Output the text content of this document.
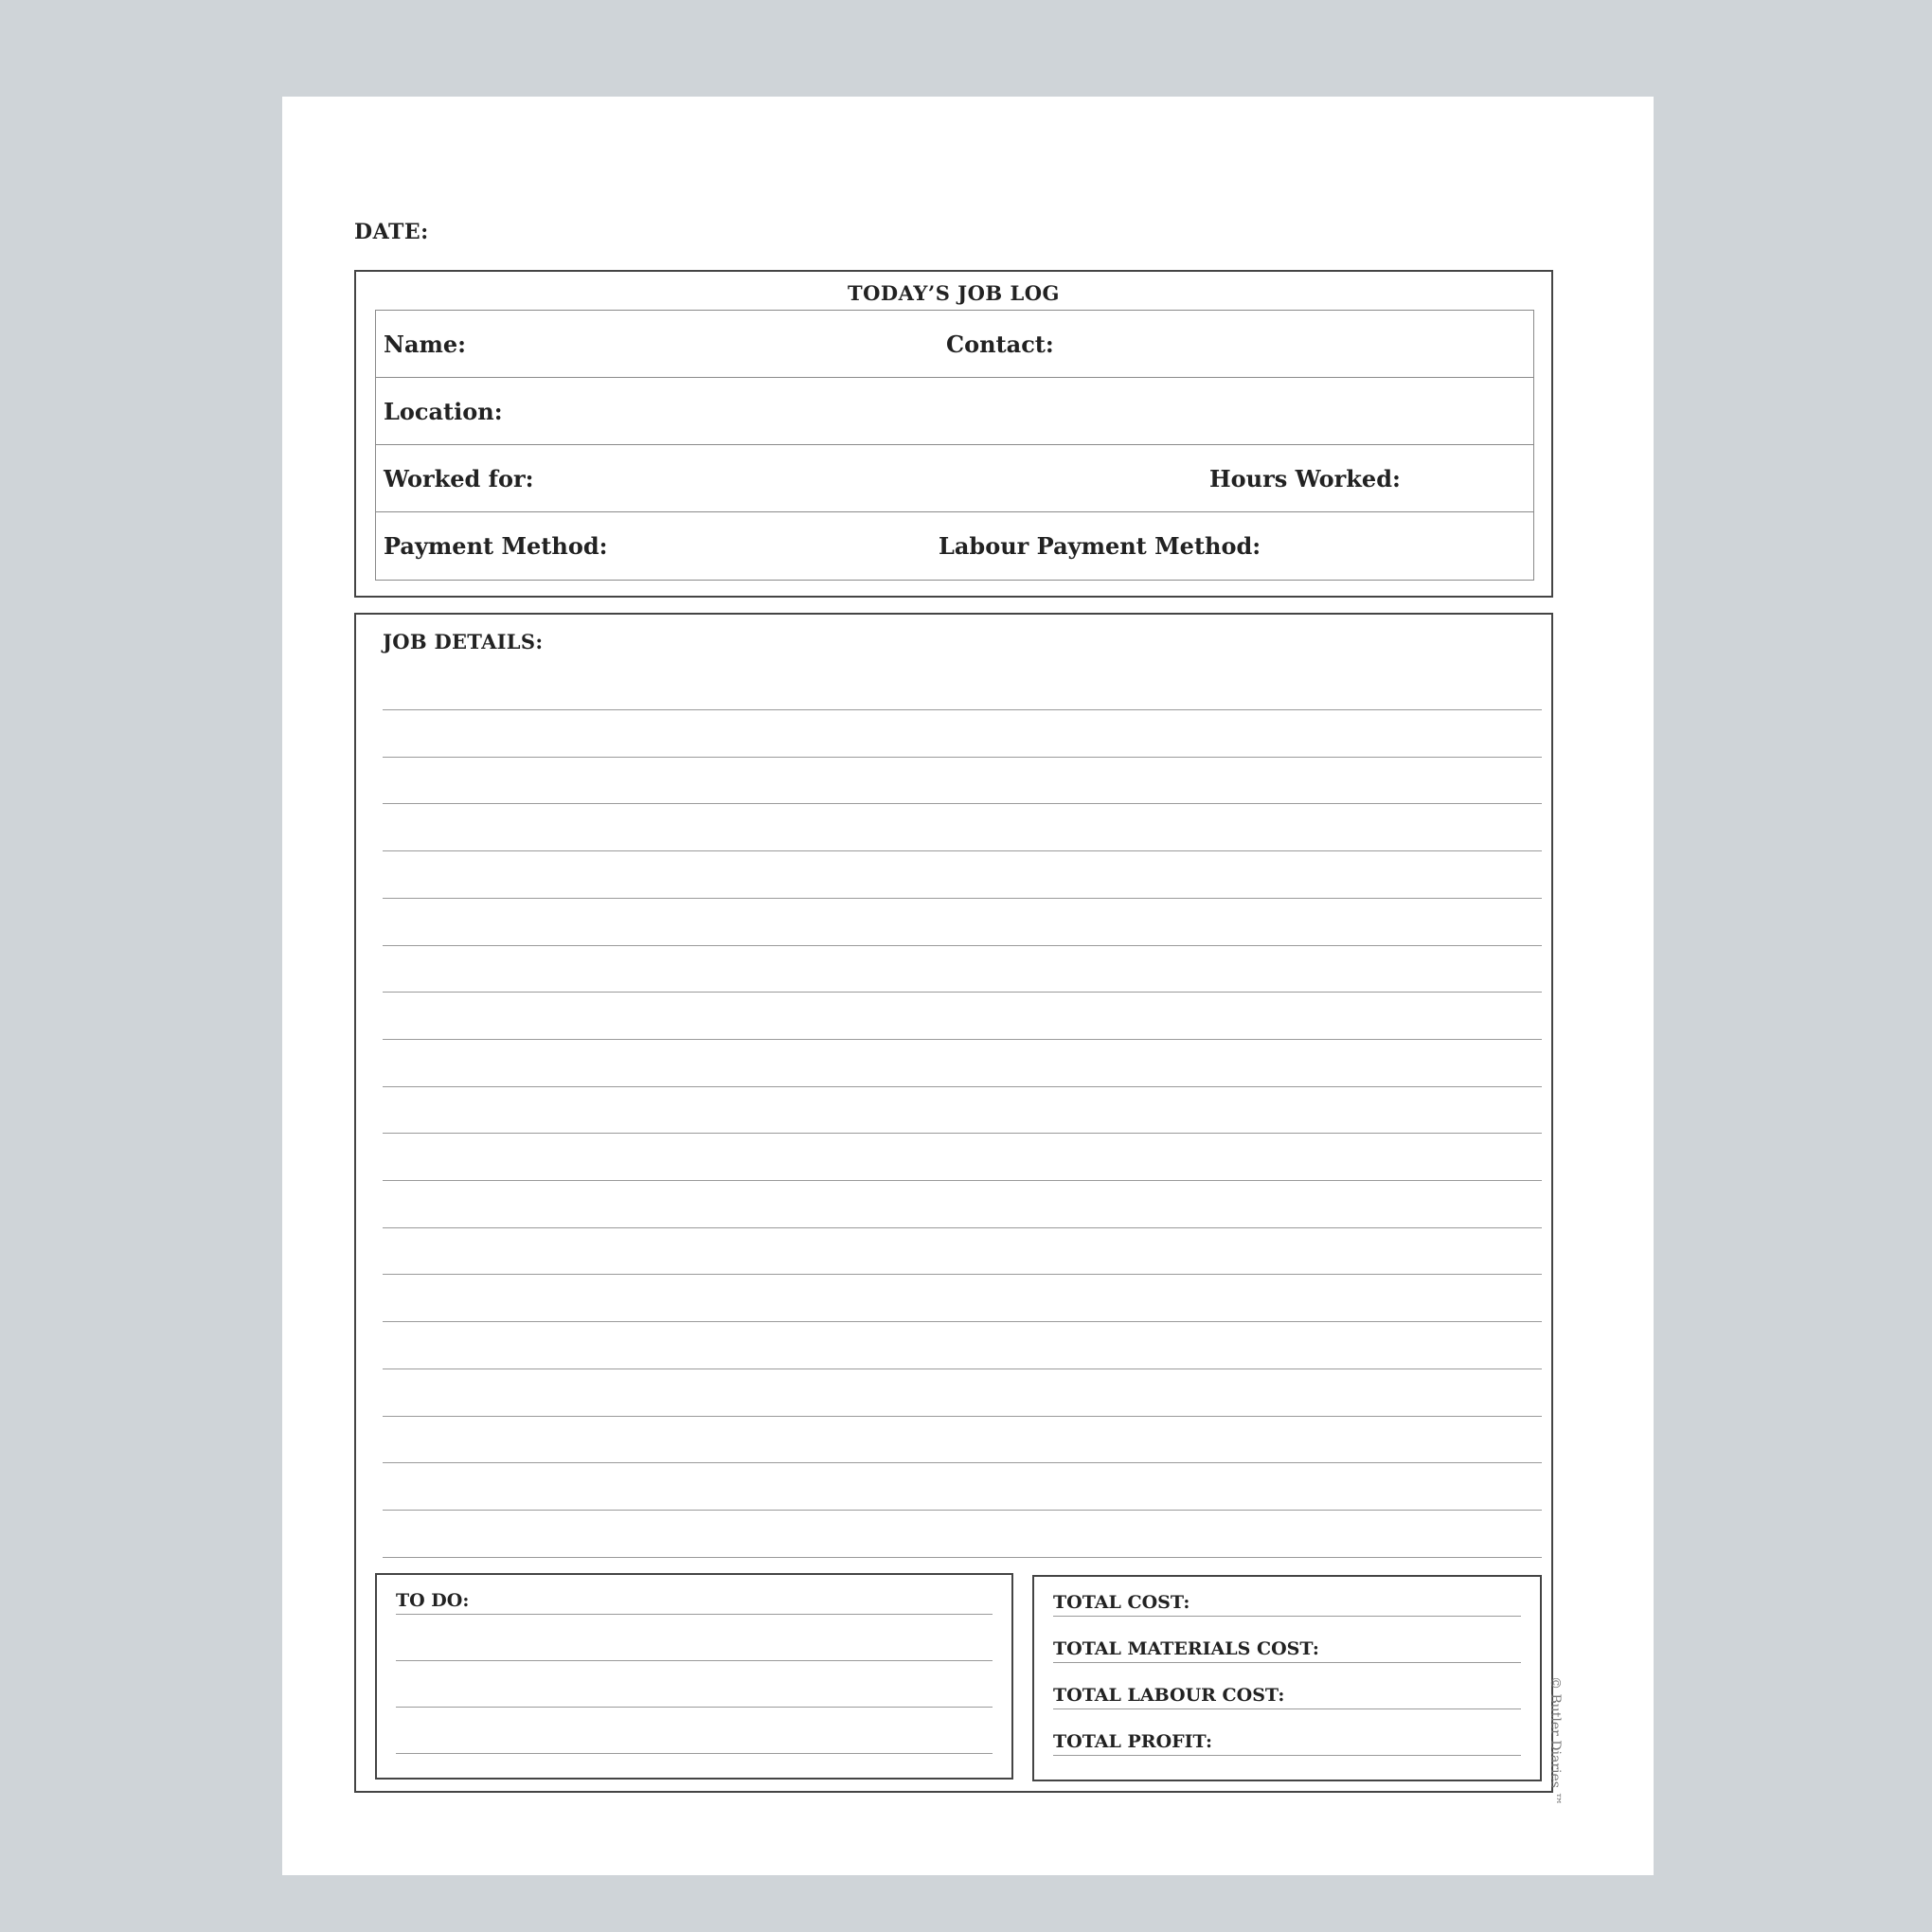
DATE:
TODAY’S JOB LOG
Name:	Contact:
Location:
Worked for:	Hours Worked:
Payment Method:	Labour Payment Method:
JOB DETAILS:
TO DO:	TOTAL COST:
TOTAL MATERIALS COST:
TOTAL LABOUR COST:
TOTAL PROFIT:	© Butler Diaries ™
